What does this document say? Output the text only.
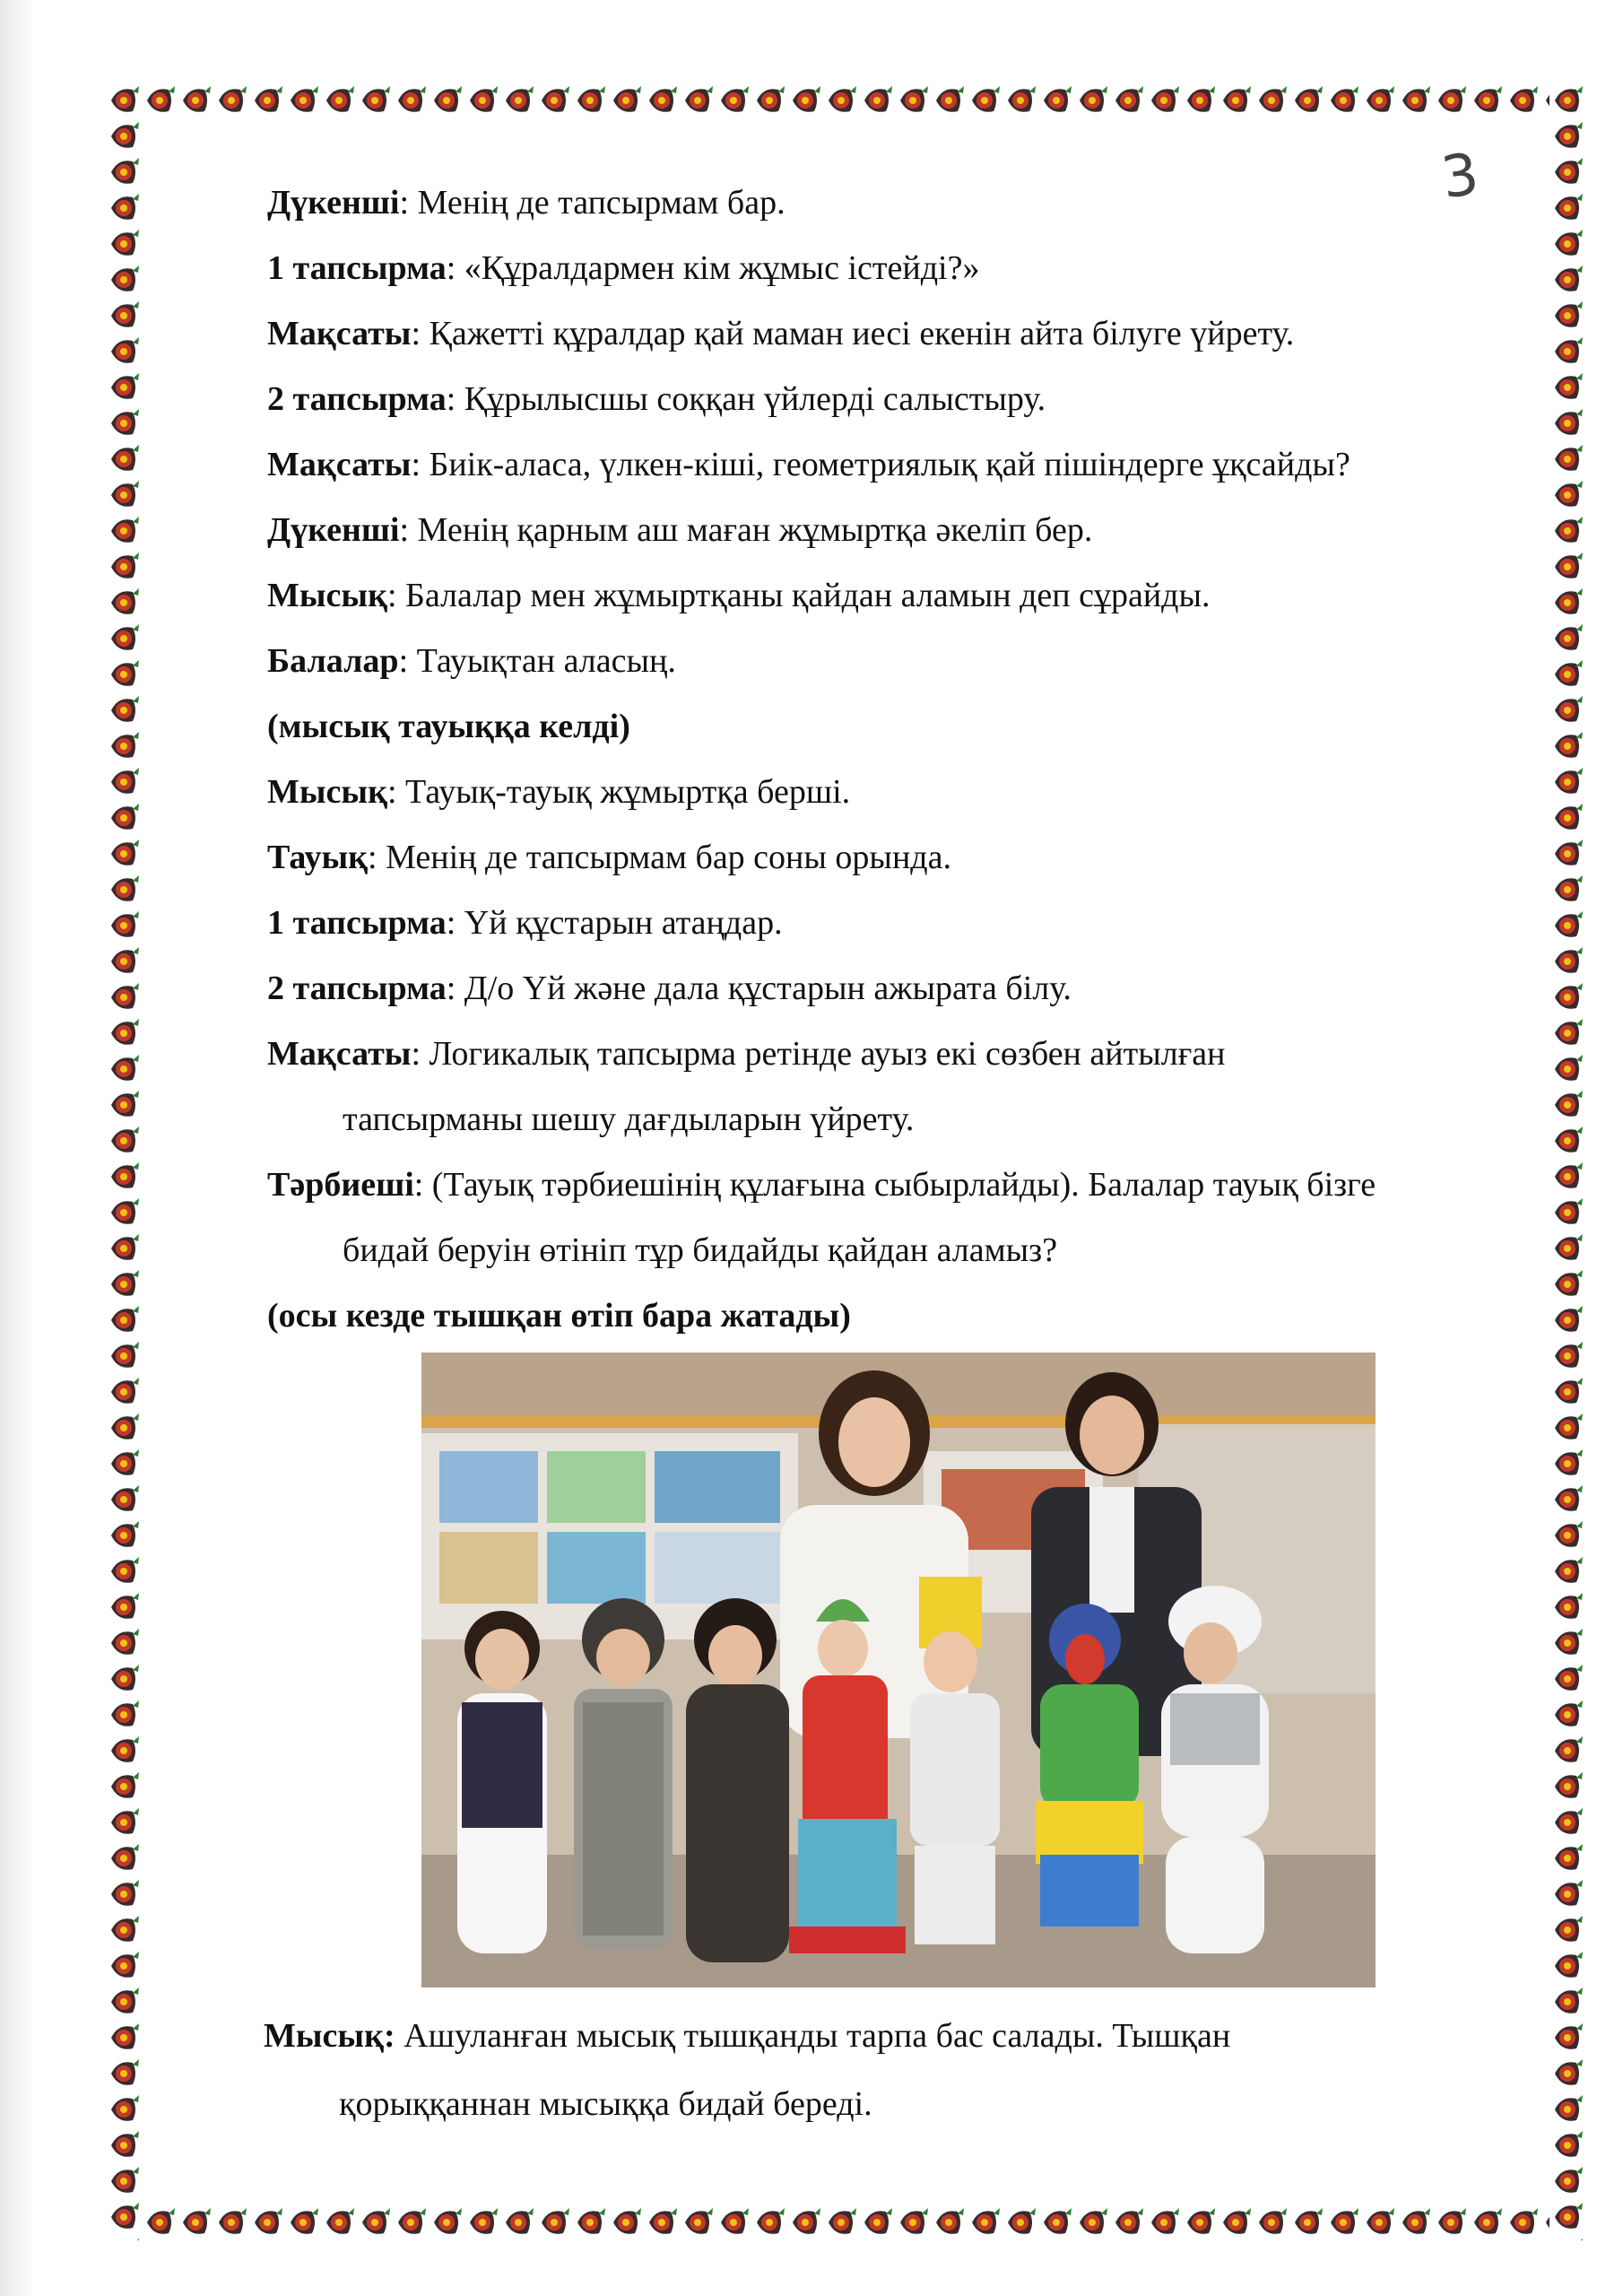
3
Дүкенші: Менің де тапсырмам бар.
1 тапсырма: «Құралдармен кім жұмыс істейді?»
Мақсаты: Қажетті құралдар қай маман иесі екенін айта білуге үйрету.
2 тапсырма: Құрылысшы соққан үйлерді салыстыру.
Мақсаты: Биік-аласа, үлкен-кіші, геометриялық қай пішіндерге ұқсайды?
Дүкенші: Менің қарным аш маған жұмыртқа әкеліп бер.
Мысық: Балалар мен жұмыртқаны қайдан аламын деп сұрайды.
Балалар: Тауықтан аласың.
(мысық тауыққа келді)
Мысық: Тауық-тауық жұмыртқа берші.
Тауық: Менің де тапсырмам бар соны орында.
1 тапсырма: Үй құстарын атаңдар.
2 тапсырма: Д/о Үй және дала құстарын ажырата білу.
Мақсаты: Логикалық тапсырма ретінде ауыз екі сөзбен айтылған
тапсырманы шешу дағдыларын үйрету.
Тәрбиеші: (Тауық тәрбиешінің құлағына сыбырлайды). Балалар тауық бізге
бидай беруін өтініп тұр бидайды қайдан аламыз?
(осы кезде тышқан өтіп бара жатады)
Мысық: Ашуланған мысық тышқанды тарпа бас салады. Тышқан
қорыққаннан мысыққа бидай береді.
